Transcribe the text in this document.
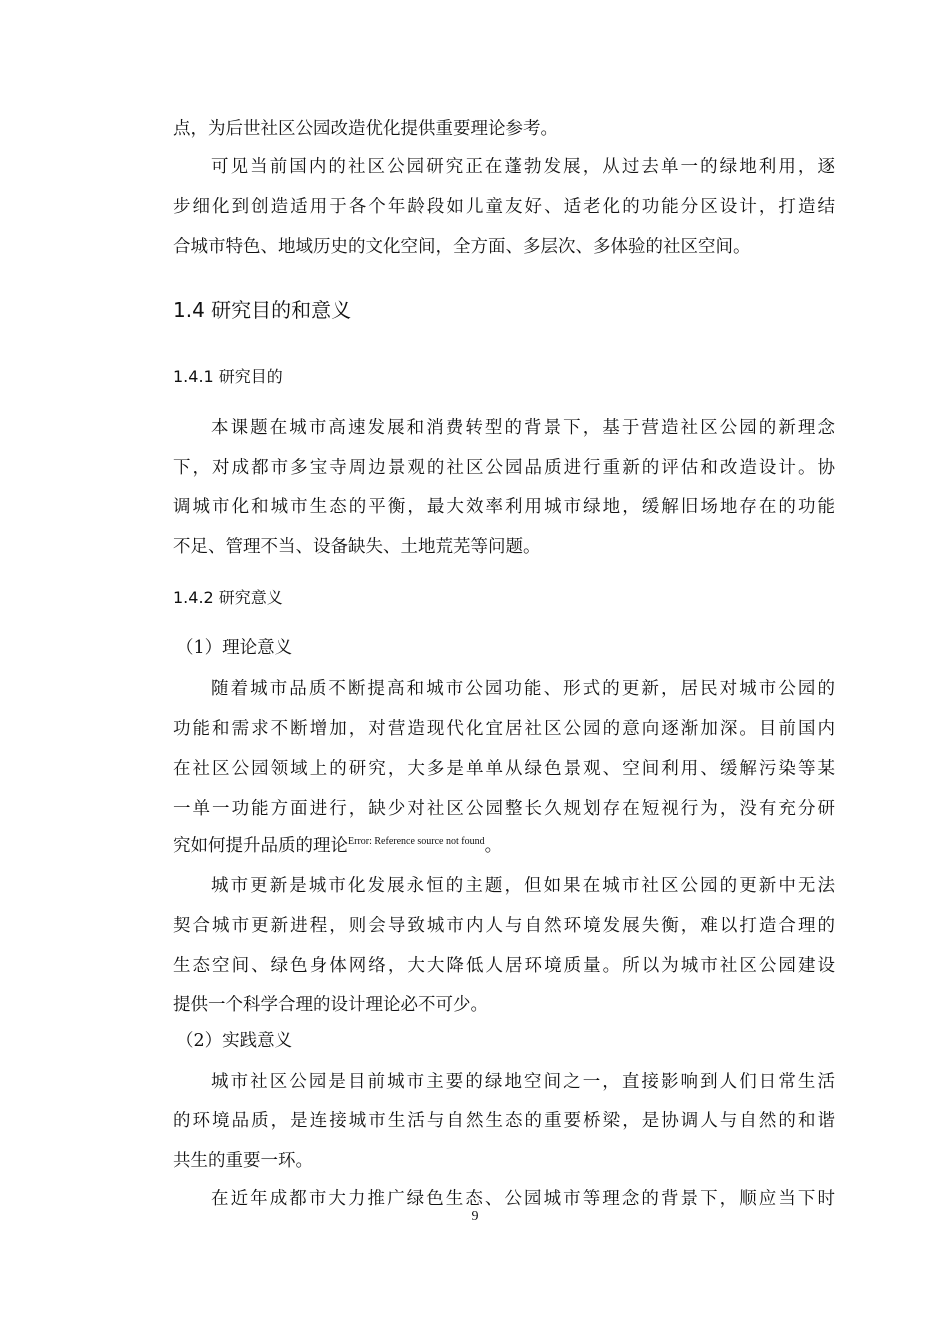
点，为后世社区公园改造优化提供重要理论参考。
可见当前国内的社区公园研究正在蓬勃发展，从过去单一的绿地利用，逐
步细化到创造适用于各个年龄段如儿童友好、适老化的功能分区设计，打造结
合城市特色、地域历史的文化空间，全方面、多层次、多体验的社区空间。
1.4 研究目的和意义
1.4.1 研究目的
本课题在城市高速发展和消费转型的背景下，基于营造社区公园的新理念
下，对成都市多宝寺周边景观的社区公园品质进行重新的评估和改造设计。协
调城市化和城市生态的平衡，最大效率利用城市绿地，缓解旧场地存在的功能
不足、管理不当、设备缺失、土地荒芜等问题。
1.4.2 研究意义
（1）理论意义
随着城市品质不断提高和城市公园功能、形式的更新，居民对城市公园的
功能和需求不断增加，对营造现代化宜居社区公园的意向逐渐加深。目前国内
在社区公园领域上的研究，大多是单单从绿色景观、空间利用、缓解污染等某
一单一功能方面进行，缺少对社区公园整长久规划存在短视行为，没有充分研
究如何提升品质的理论$^{Error: Reference source not found}$。
城市更新是城市化发展永恒的主题，但如果在城市社区公园的更新中无法
契合城市更新进程，则会导致城市内人与自然环境发展失衡，难以打造合理的
生态空间、绿色身体网络，大大降低人居环境质量。所以为城市社区公园建设
提供一个科学合理的设计理论必不可少。
（2）实践意义
城市社区公园是目前城市主要的绿地空间之一，直接影响到人们日常生活
的环境品质，是连接城市生活与自然生态的重要桥梁，是协调人与自然的和谐
共生的重要一环。
在近年成都市大力推广绿色生态、公园城市等理念的背景下，顺应当下时
9
